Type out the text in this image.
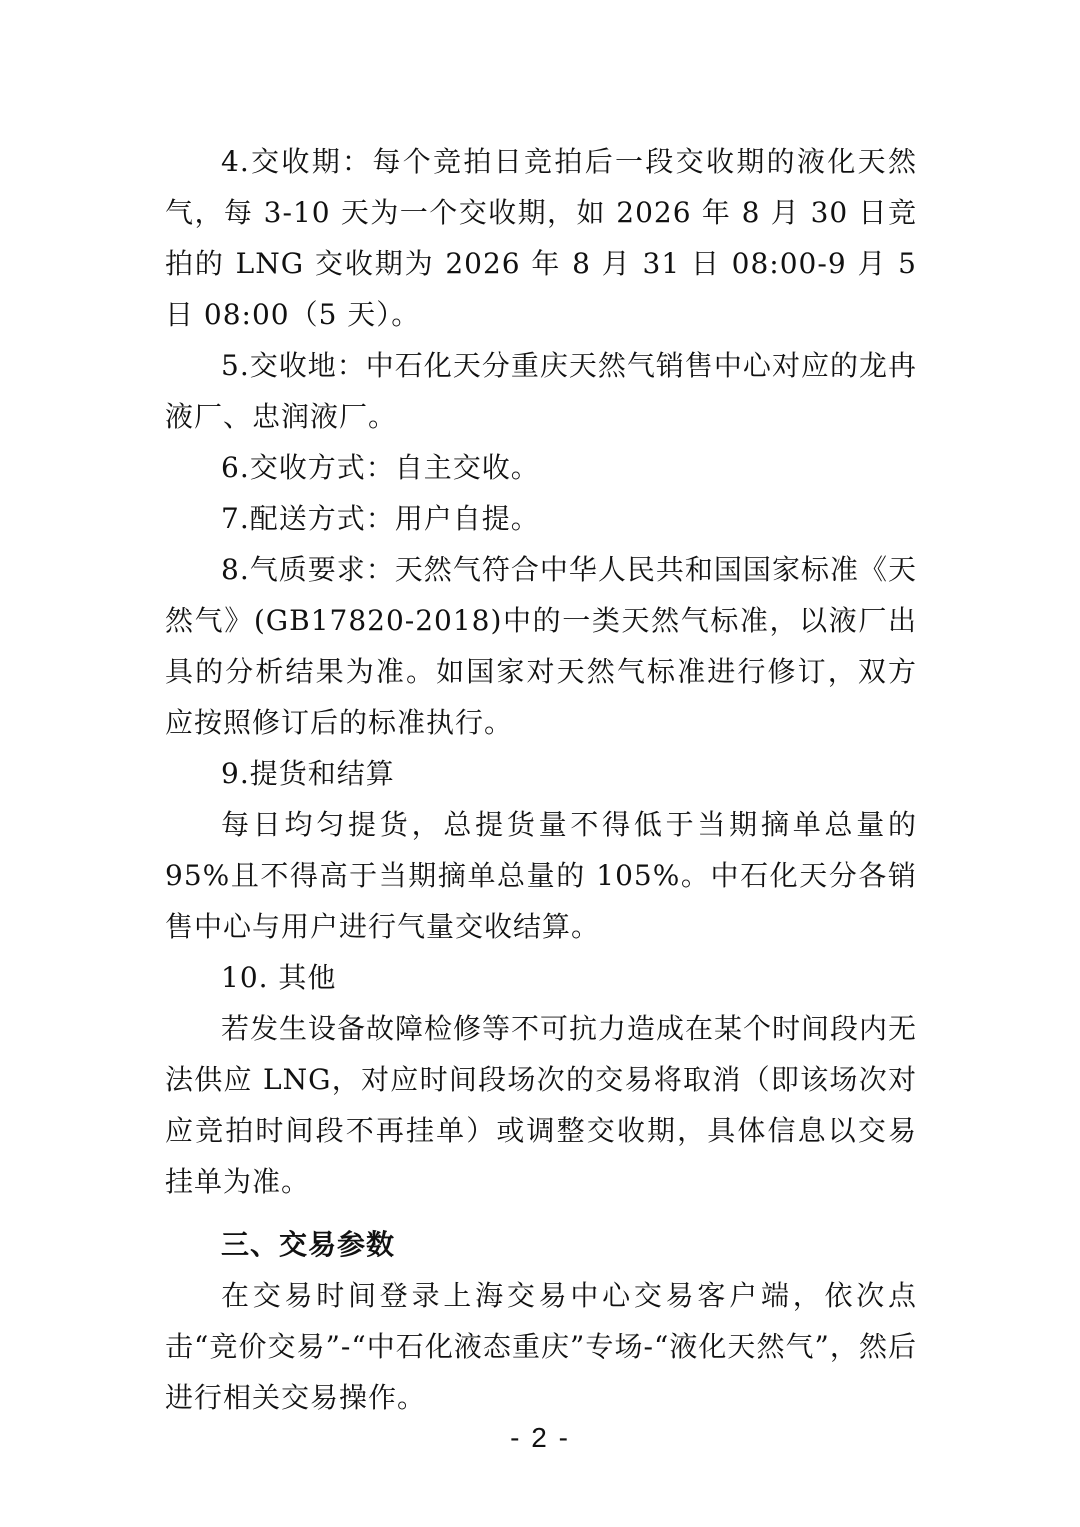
4.交收期：每个竞拍日竞拍后一段交收期的液化天然气，每 3-10 天为一个交收期，如 2026 年 8 月 30 日竞拍的 LNG 交收期为 2026 年 8 月 31 日 08:00-9 月 5 日 08:00（5 天）。

5.交收地：中石化天分重庆天然气销售中心对应的龙冉液厂、忠润液厂。

6.交收方式：自主交收。

7.配送方式：用户自提。

8.气质要求：天然气符合中华人民共和国国家标准《天然气》(GB17820-2018)中的一类天然气标准，以液厂出具的分析结果为准。如国家对天然气标准进行修订，双方应按照修订后的标准执行。

9.提货和结算

每日均匀提货，总提货量不得低于当期摘单总量的 95%且不得高于当期摘单总量的 105%。中石化天分各销售中心与用户进行气量交收结算。

10. 其他

若发生设备故障检修等不可抗力造成在某个时间段内无法供应 LNG，对应时间段场次的交易将取消（即该场次对应竞拍时间段不再挂单）或调整交收期，具体信息以交易挂单为准。

三、交易参数

在交易时间登录上海交易中心交易客户端，依次点击“竞价交易”-“中石化液态重庆”专场-“液化天然气”，然后进行相关交易操作。

- 2 -
